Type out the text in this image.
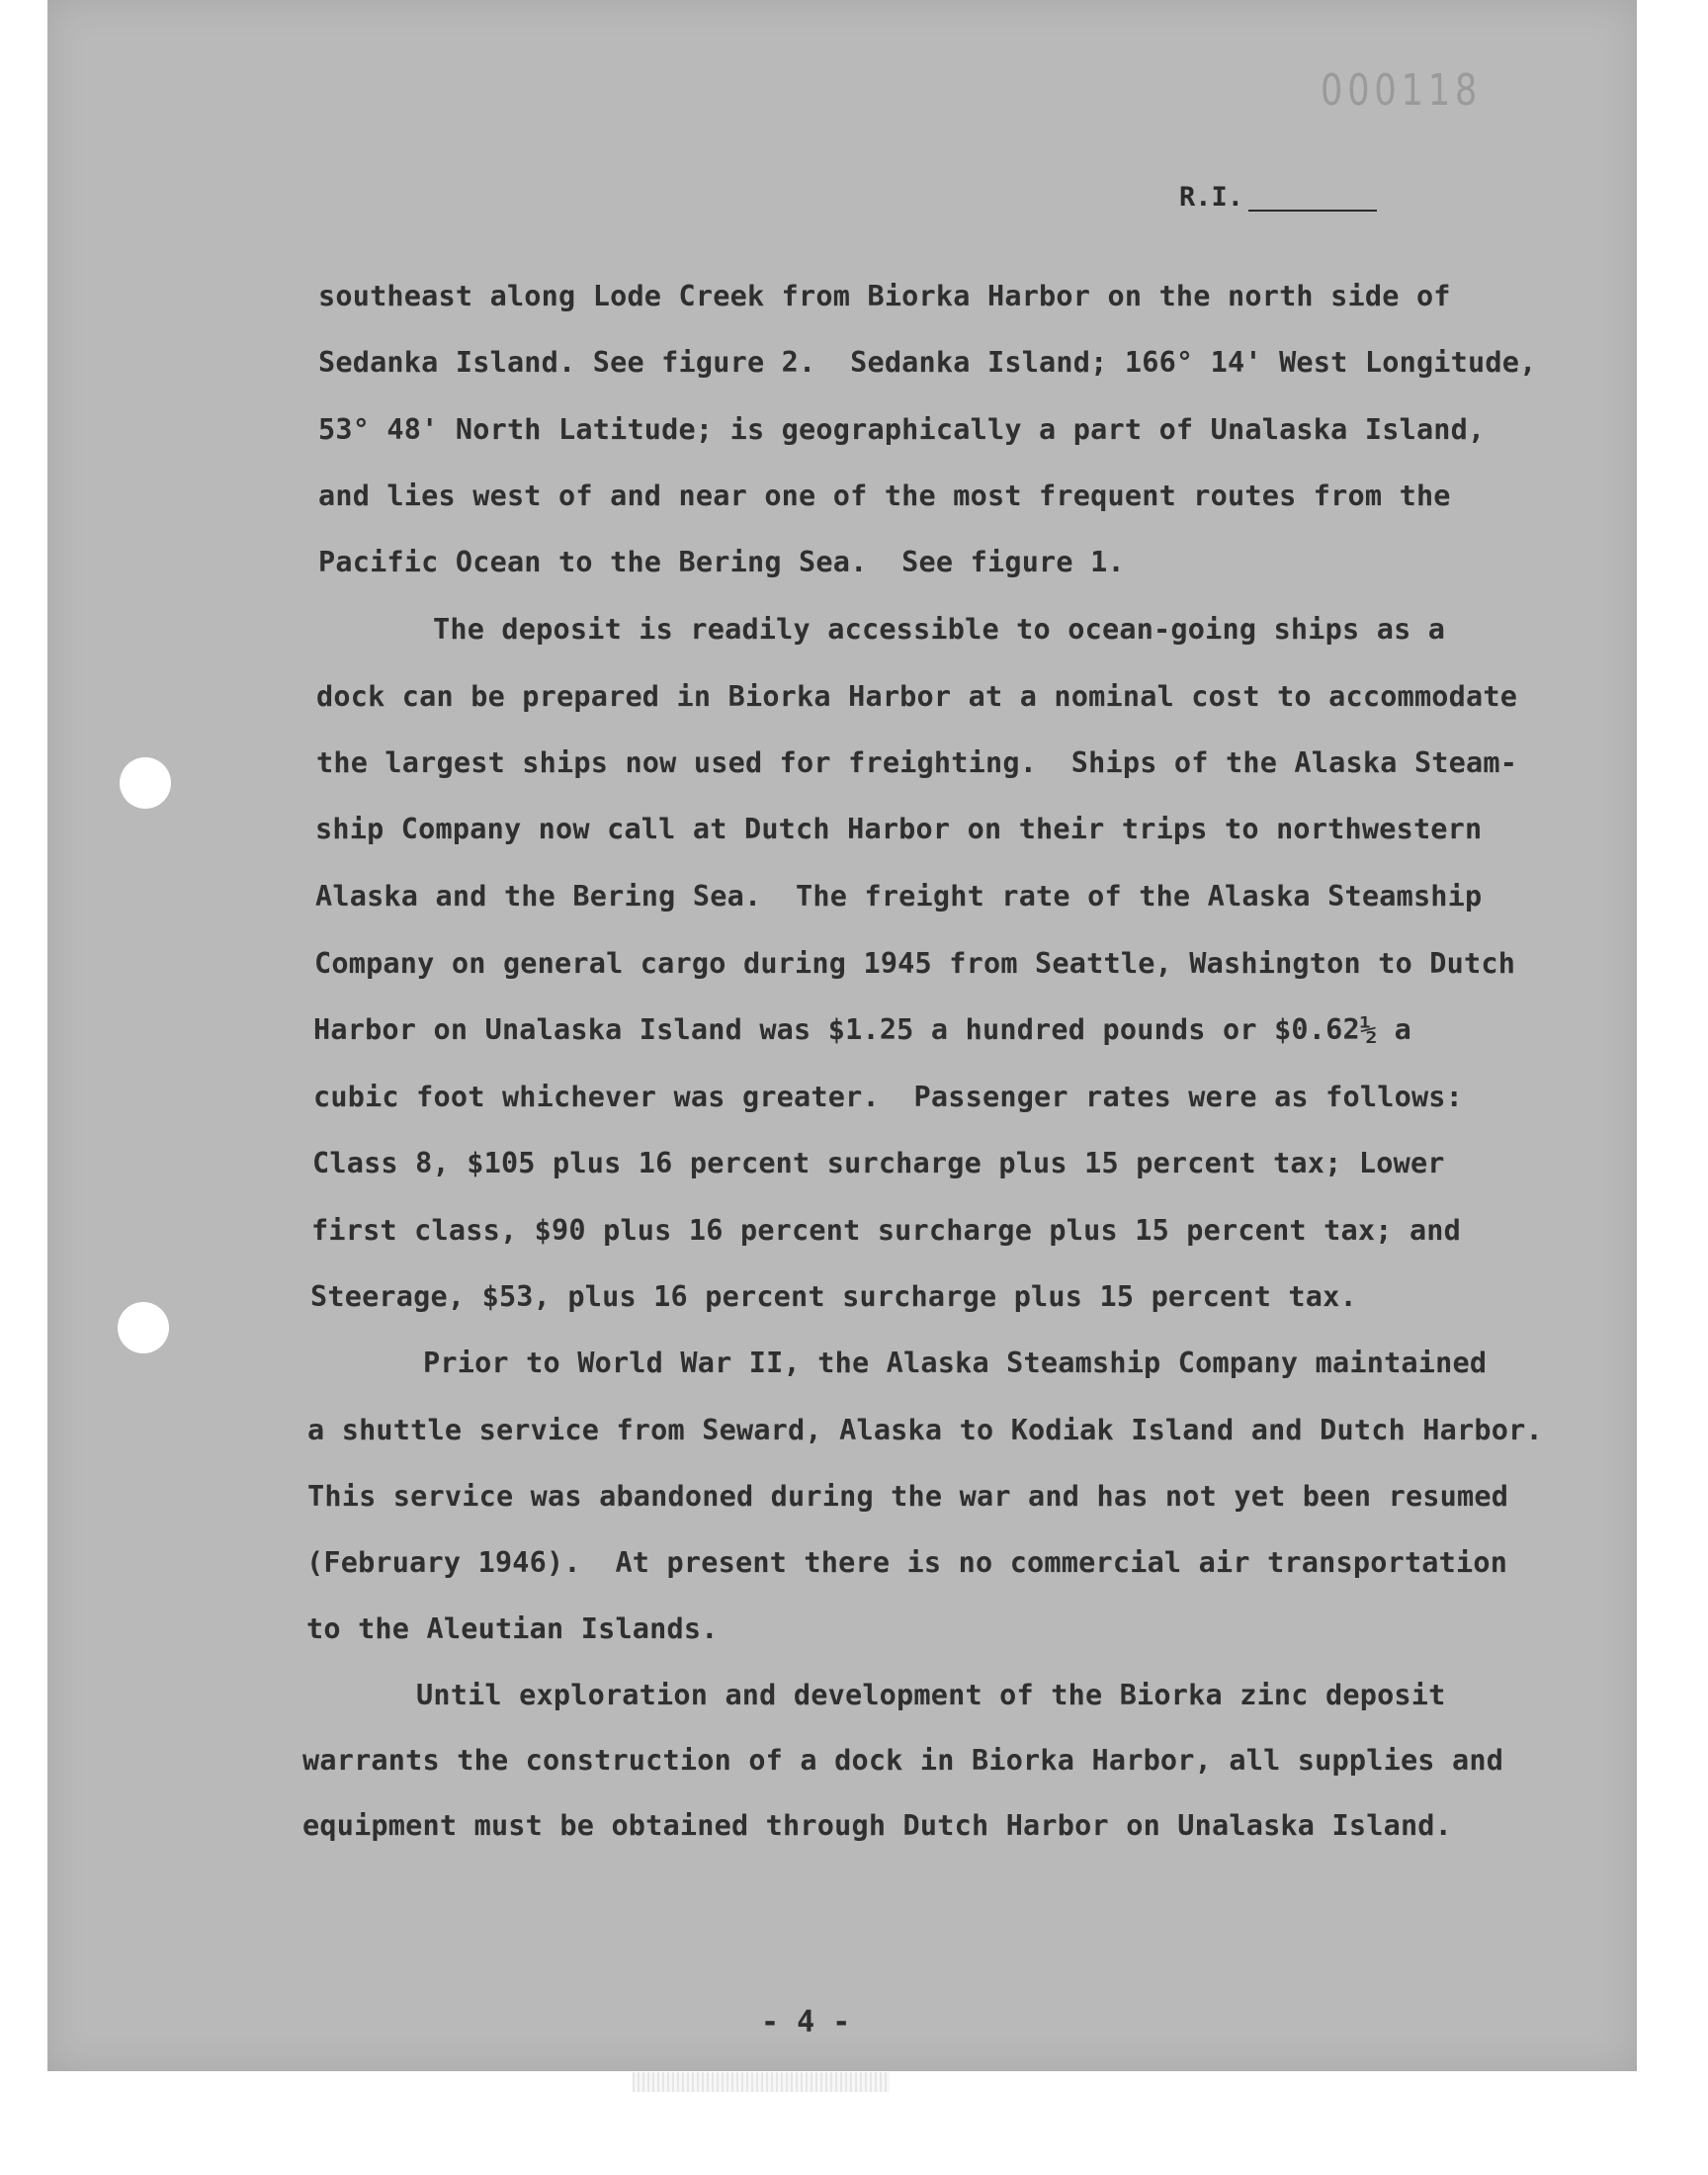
000118
R.I.
southeast along Lode Creek from Biorka Harbor on the north side of
Sedanka Island. See figure 2.  Sedanka Island; 166° 14' West Longitude,
53° 48' North Latitude; is geographically a part of Unalaska Island,
and lies west of and near one of the most frequent routes from the
Pacific Ocean to the Bering Sea.  See figure 1.
The deposit is readily accessible to ocean-going ships as a
dock can be prepared in Biorka Harbor at a nominal cost to accommodate
the largest ships now used for freighting.  Ships of the Alaska Steam-
ship Company now call at Dutch Harbor on their trips to northwestern
Alaska and the Bering Sea.  The freight rate of the Alaska Steamship
Company on general cargo during 1945 from Seattle, Washington to Dutch
Harbor on Unalaska Island was $1.25 a hundred pounds or $0.62½ a
cubic foot whichever was greater.  Passenger rates were as follows:
Class 8, $105 plus 16 percent surcharge plus 15 percent tax; Lower
first class, $90 plus 16 percent surcharge plus 15 percent tax; and
Steerage, $53, plus 16 percent surcharge plus 15 percent tax.
Prior to World War II, the Alaska Steamship Company maintained
a shuttle service from Seward, Alaska to Kodiak Island and Dutch Harbor.
This service was abandoned during the war and has not yet been resumed
(February 1946).  At present there is no commercial air transportation
to the Aleutian Islands.
Until exploration and development of the Biorka zinc deposit
warrants the construction of a dock in Biorka Harbor, all supplies and
equipment must be obtained through Dutch Harbor on Unalaska Island.
- 4 -
